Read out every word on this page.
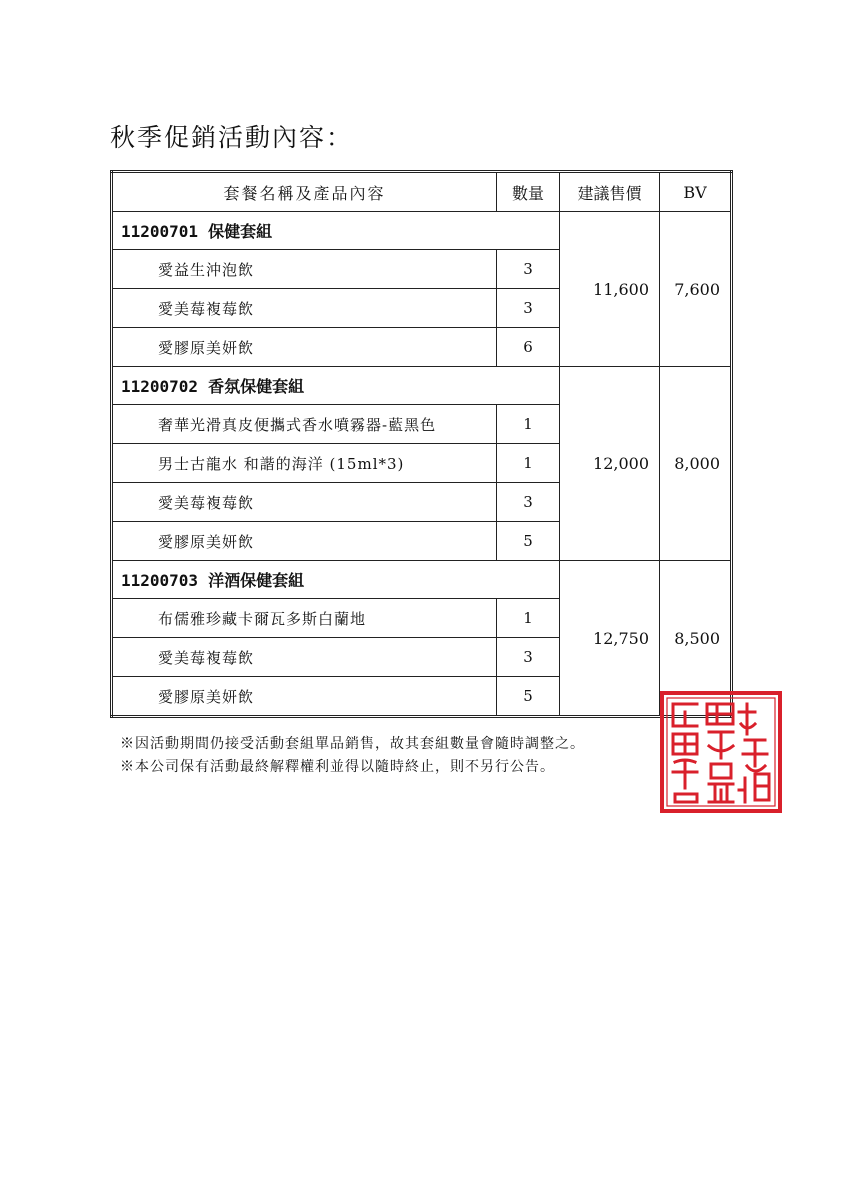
秋季促銷活動內容：
套餐名稱及產品內容	數量	建議售價	BV
11200701 保健套組		11,600	7,600
愛益生沖泡飲	3		
愛美莓複莓飲	3		
愛膠原美妍飲	6		
11200702 香氛保健套組		12,000	8,000
奢華光滑真皮便攜式香水噴霧器-藍黑色	1		
男士古龍水 和諧的海洋 (15ml*3)	1		
愛美莓複莓飲	3		
愛膠原美妍飲	5		
11200703 洋酒保健套組		12,750	8,500
布儒雅珍藏卡爾瓦多斯白蘭地	1		
愛美莓複莓飲	3		
愛膠原美妍飲	5		
※因活動期間仍接受活動套組單品銷售，故其套組數量會隨時調整之。
※本公司保有活動最終解釋權利並得以隨時終止，則不另行公告。
